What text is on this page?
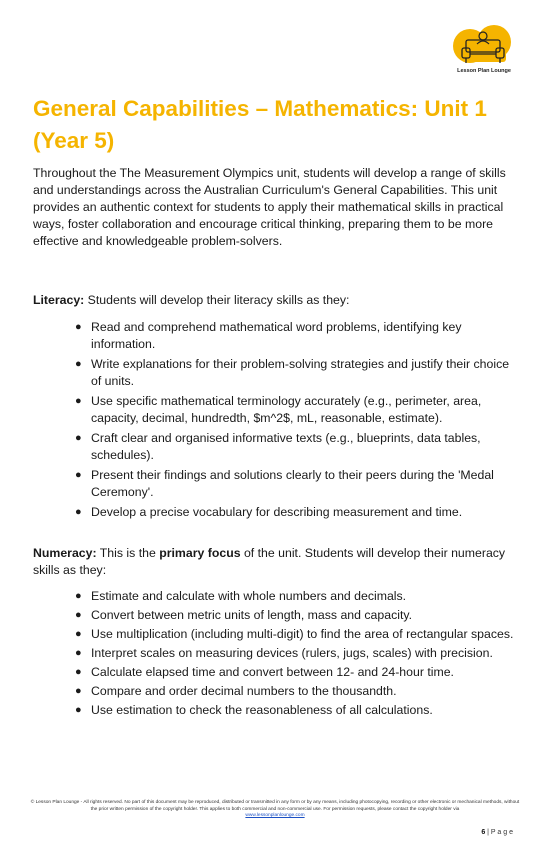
Lesson Plan Lounge
General Capabilities – Mathematics: Unit 1 (Year 5)

Throughout the The Measurement Olympics unit, students will develop a range of skills and understandings across the Australian Curriculum's General Capabilities. This unit provides an authentic context for students to apply their mathematical skills in practical ways, foster collaboration and encourage critical thinking, preparing them to be more effective and knowledgeable problem-solvers.

Literacy: Students will develop their literacy skills as they:

● Read and comprehend mathematical word problems, identifying key information.
● Write explanations for their problem-solving strategies and justify their choice of units.
● Use specific mathematical terminology accurately (e.g., perimeter, area, capacity, decimal, hundredth, $m^2$, mL, reasonable, estimate).
● Craft clear and organised informative texts (e.g., blueprints, data tables, schedules).
● Present their findings and solutions clearly to their peers during the 'Medal Ceremony'.
● Develop a precise vocabulary for describing measurement and time.

Numeracy: This is the primary focus of the unit. Students will develop their numeracy skills as they:

● Estimate and calculate with whole numbers and decimals.
● Convert between metric units of length, mass and capacity.
● Use multiplication (including multi-digit) to find the area of rectangular spaces.
● Interpret scales on measuring devices (rulers, jugs, scales) with precision.
● Calculate elapsed time and convert between 12- and 24-hour time.
● Compare and order decimal numbers to the thousandth.
● Use estimation to check the reasonableness of all calculations.
© Lesson Plan Lounge - All rights reserved. No part of this document may be reproduced, distributed or transmitted in any form or by any means, including photocopying, recording or other electronic or mechanical methods, without the prior written permission of the copyright holder. This applies to both commercial and non-commercial use. For permission requests, please contact the copyright holder via
www.lessonplanlounge.com
6 | P a g e
